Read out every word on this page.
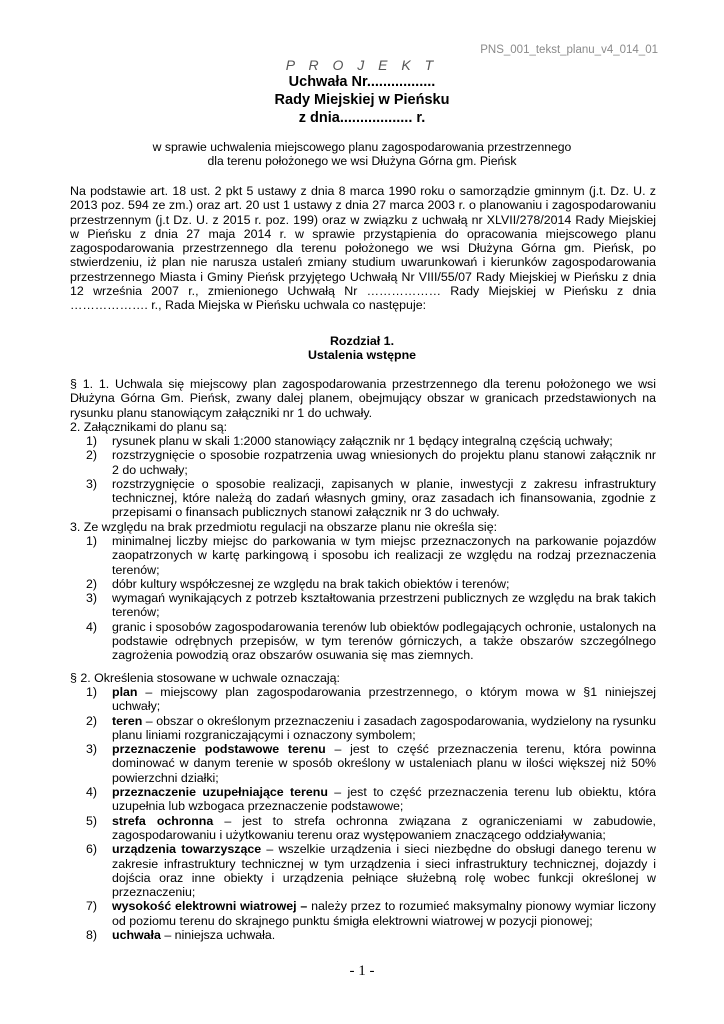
PNS_001_tekst_planu_v4_014_01
P R O J E K T
Uchwała Nr.................
Rady Miejskiej w Pieńsku
z dnia.................. r.
w sprawie uchwalenia miejscowego planu zagospodarowania przestrzennego
dla terenu położonego we wsi Dłużyna Górna gm. Pieńsk
Na podstawie art. 18 ust. 2 pkt 5 ustawy z dnia 8 marca 1990 roku o samorządzie gminnym (j.t. Dz. U. z 2013 poz. 594 ze zm.) oraz art. 20 ust 1 ustawy z dnia 27 marca 2003 r. o planowaniu i zagospodarowaniu przestrzennym (j.t Dz. U. z 2015 r. poz. 199) oraz w związku z uchwałą nr XLVII/278/2014 Rady Miejskiej w Pieńsku z dnia 27 maja 2014 r. w sprawie przystąpienia do opracowania miejscowego planu zagospodarowania przestrzennego dla terenu położonego we wsi Dłużyna Górna gm. Pieńsk, po stwierdzeniu, iż plan nie narusza ustaleń zmiany studium uwarunkowań i kierunków zagospodarowania przestrzennego Miasta i Gminy Pieńsk przyjętego Uchwałą Nr VIII/55/07 Rady Miejskiej w Pieńsku z dnia 12 września 2007 r., zmienionego Uchwałą Nr ……………… Rady Miejskiej w Pieńsku z dnia ………………. r., Rada Miejska w Pieńsku uchwala co następuje:
Rozdział 1.
Ustalenia wstępne
§ 1. 1. Uchwala się miejscowy plan zagospodarowania przestrzennego dla terenu położonego we wsi Dłużyna Górna Gm. Pieńsk, zwany dalej planem, obejmujący obszar w granicach przedstawionych na rysunku planu stanowiącym załączniki nr 1 do uchwały.
2. Załącznikami do planu są:
1) rysunek planu w skali 1:2000 stanowiący załącznik nr 1 będący integralną częścią uchwały;
2) rozstrzygnięcie o sposobie rozpatrzenia uwag wniesionych do projektu planu stanowi załącznik nr 2 do uchwały;
3) rozstrzygnięcie o sposobie realizacji, zapisanych w planie, inwestycji z zakresu infrastruktury technicznej, które należą do zadań własnych gminy, oraz zasadach ich finansowania, zgodnie z przepisami o finansach publicznych stanowi załącznik nr 3 do uchwały.
3. Ze względu na brak przedmiotu regulacji na obszarze planu nie określa się:
1) minimalnej liczby miejsc do parkowania w tym miejsc przeznaczonych na parkowanie pojazdów zaopatrzonych w kartę parkingową i sposobu ich realizacji ze względu na rodzaj przeznaczenia terenów;
2) dóbr kultury współczesnej ze względu na brak takich obiektów i terenów;
3) wymagań wynikających z potrzeb kształtowania przestrzeni publicznych ze względu na brak takich terenów;
4) granic i sposobów zagospodarowania terenów lub obiektów podlegających ochronie, ustalonych na podstawie odrębnych przepisów, w tym terenów górniczych, a także obszarów szczególnego zagrożenia powodzią oraz obszarów osuwania się mas ziemnych.
§ 2. Określenia stosowane w uchwale oznaczają:
1) plan – miejscowy plan zagospodarowania przestrzennego, o którym mowa w §1 niniejszej uchwały;
2) teren – obszar o określonym przeznaczeniu i zasadach zagospodarowania, wydzielony na rysunku planu liniami rozgraniczającymi i oznaczony symbolem;
3) przeznaczenie podstawowe terenu – jest to część przeznaczenia terenu, która powinna dominować w danym terenie w sposób określony w ustaleniach planu w ilości większej niż 50% powierzchni działki;
4) przeznaczenie uzupełniające terenu – jest to część przeznaczenia terenu lub obiektu, która uzupełnia lub wzbogaca przeznaczenie podstawowe;
5) strefa ochronna – jest to strefa ochronna związana z ograniczeniami w zabudowie, zagospodarowaniu i użytkowaniu terenu oraz występowaniem znaczącego oddziaływania;
6) urządzenia towarzyszące – wszelkie urządzenia i sieci niezbędne do obsługi danego terenu w zakresie infrastruktury technicznej w tym urządzenia i sieci infrastruktury technicznej, dojazdy i dojścia oraz inne obiekty i urządzenia pełniące służebną rolę wobec funkcji określonej w przeznaczeniu;
7) wysokość elektrowni wiatrowej – należy przez to rozumieć maksymalny pionowy wymiar liczony od poziomu terenu do skrajnego punktu śmigła elektrowni wiatrowej w pozycji pionowej;
8) uchwała – niniejsza uchwała.
- 1 -
